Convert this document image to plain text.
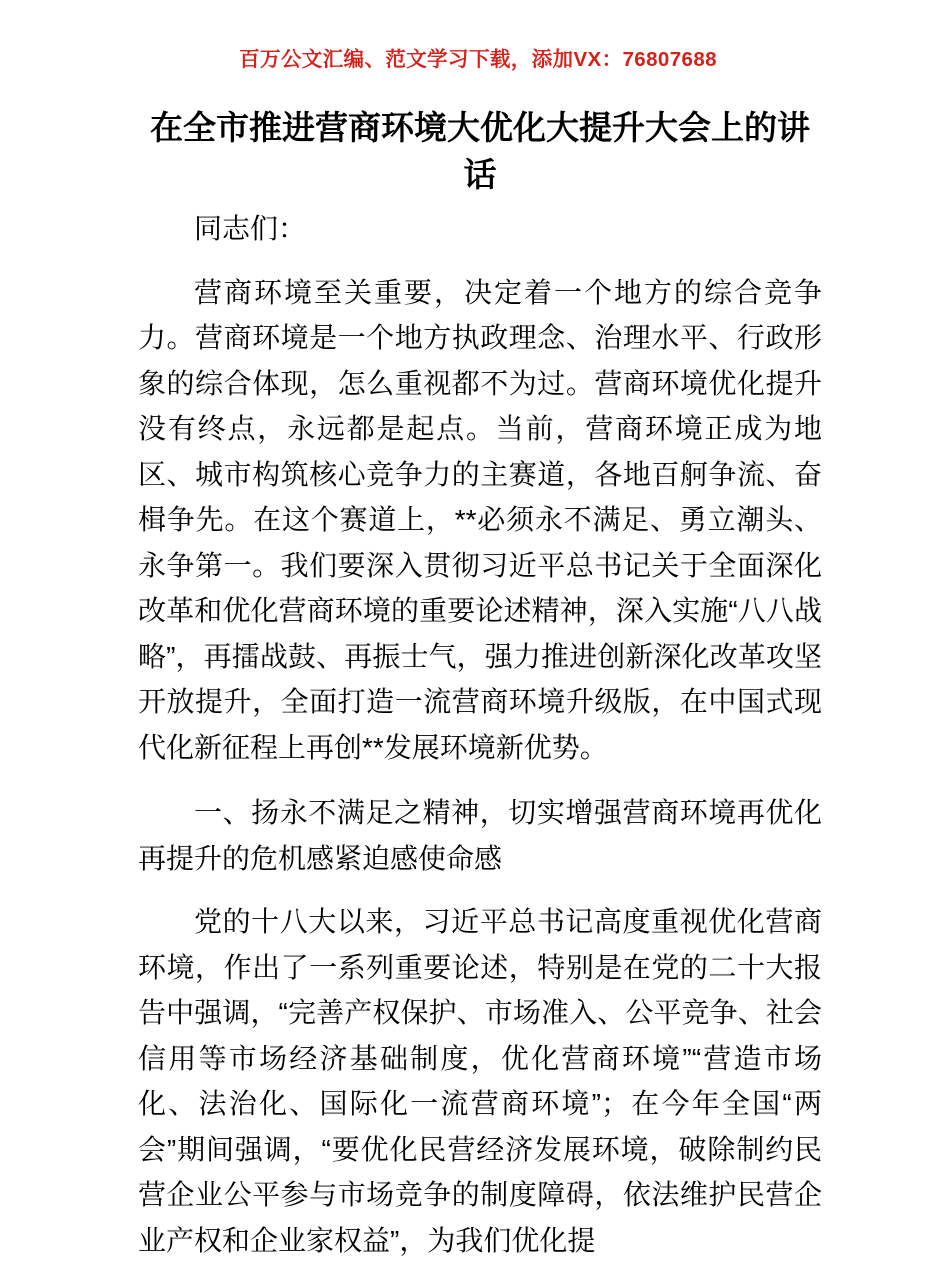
百万公文汇编、范文学习下载，添加VX：76807688
在全市推进营商环境大优化大提升大会上的讲话

同志们：

营商环境至关重要，决定着一个地方的综合竞争力。营商环境是一个地方执政理念、治理水平、行政形象的综合体现，怎么重视都不为过。营商环境优化提升没有终点，永远都是起点。当前，营商环境正成为地区、城市构筑核心竞争力的主赛道，各地百舸争流、奋楫争先。在这个赛道上，**必须永不满足、勇立潮头、永争第一。我们要深入贯彻习近平总书记关于全面深化改革和优化营商环境的重要论述精神，深入实施“八八战略”，再擂战鼓、再振士气，强力推进创新深化改革攻坚开放提升，全面打造一流营商环境升级版，在中国式现代化新征程上再创**发展环境新优势。

一、扬永不满足之精神，切实增强营商环境再优化再提升的危机感紧迫感使命感

党的十八大以来，习近平总书记高度重视优化营商环境，作出了一系列重要论述，特别是在党的二十大报告中强调，“完善产权保护、市场准入、公平竞争、社会信用等市场经济基础制度，优化营商环境”“营造市场化、法治化、国际化一流营商环境”；在今年全国“两会”期间强调，“要优化民营经济发展环境，破除制约民营企业公平参与市场竞争的制度障碍，依法维护民营企业产权和企业家权益”，为我们优化提
